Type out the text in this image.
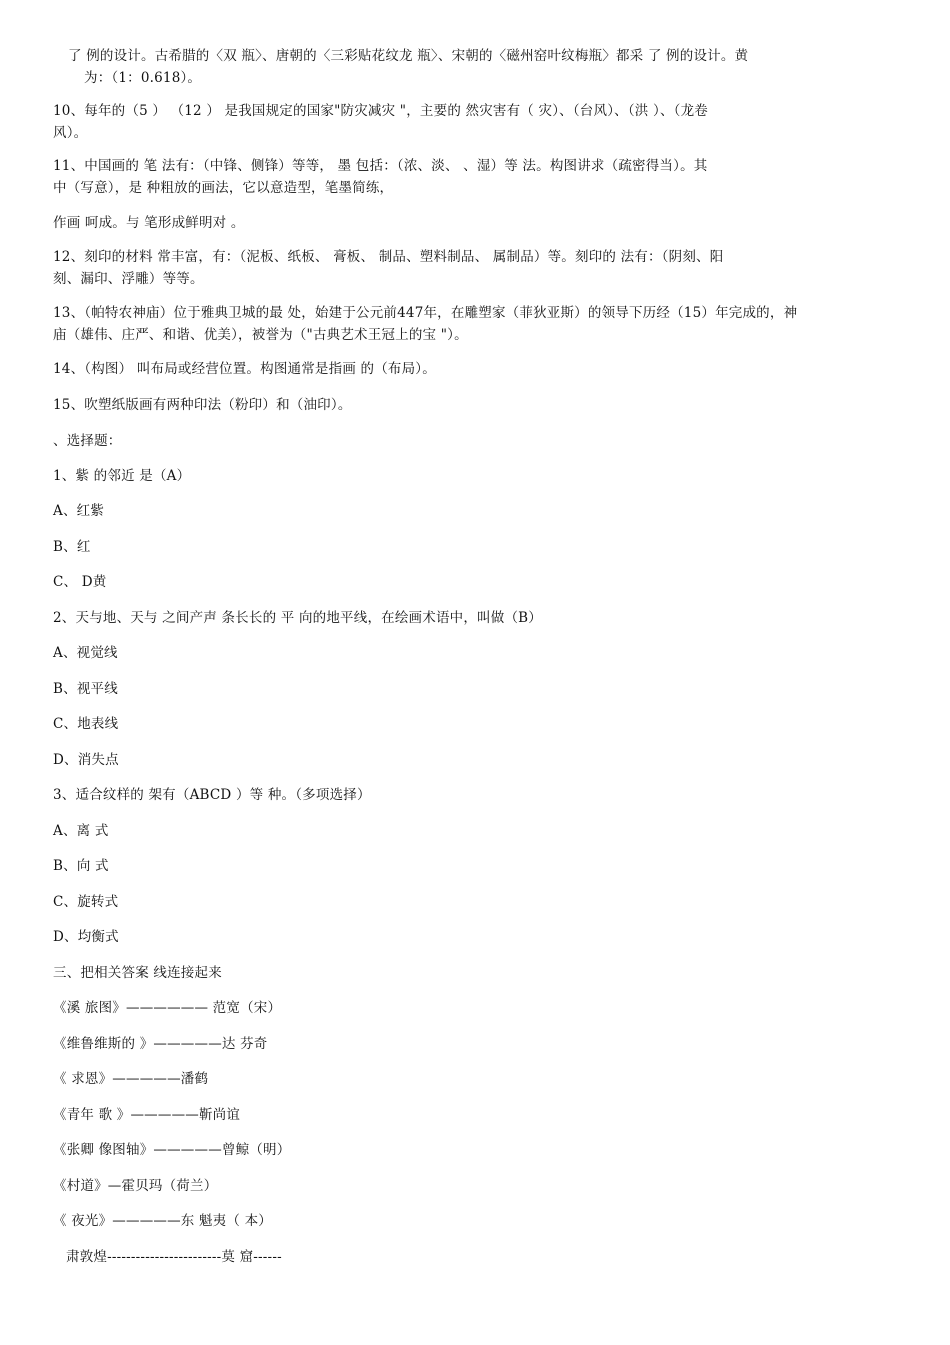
了 例的设计。古希腊的〈双 瓶〉、唐朝的〈三彩贴花纹龙 瓶〉、宋朝的〈磁州窑叶纹梅瓶〉都采 了 例的设计。黄
为：（1：0.618）。
10、每年的（5 ） （12 ） 是我国规定的国家"防灾减灾 "，主要的 然灾害有（ 灾）、（台风）、（洪 ）、（龙卷
风）。
11、中国画的 笔 法有：（中锋、侧锋）等等， 墨 包括：（浓、淡、 、湿）等 法。构图讲求（疏密得当）。其
中（写意），是 种粗放的画法，它以意造型，笔墨简练，
作画 呵成。与 笔形成鲜明对 。
12、刻印的材料 常丰富，有：（泥板、纸板、 膏板、 制品、塑料制品、 属制品）等。刻印的 法有：（阴刻、阳
刻、漏印、浮雕）等等。
13、（帕特农神庙）位于雅典卫城的最 处，始建于公元前447年，在雕塑家（菲狄亚斯）的领导下历经（15）年完成的，神
庙（雄伟、庄严、和谐、优美），被誉为（"古典艺术王冠上的宝 "）。
14、（构图） 叫布局或经营位置。构图通常是指画 的（布局）。
15、吹塑纸版画有两种印法（粉印）和（油印）。
、选择题：
1、紫 的邻近 是（A）
A、红紫
B、红
C、 D黄
2、天与地、天与 之间产声 条长长的 平 向的地平线，在绘画术语中，叫做（B）
A、视觉线
B、视平线
C、地表线
D、消失点
3、适合纹样的 架有（ABCD ）等 种。（多项选择）
A、离 式
B、向 式
C、旋转式
D、均衡式
三、把相关答案 线连接起来
《溪 旅图》—————— 范宽（宋）
《维鲁维斯的 》—————达 芬奇
《 求恩》—————潘鹤
《青年 歌 》—————靳尚谊
《张卿 像图轴》—————曾鲸（明）
《村道》—霍贝玛（荷兰）
《 夜光》—————东 魁夷（ 本）
肃敦煌------------------------莫 窟------
